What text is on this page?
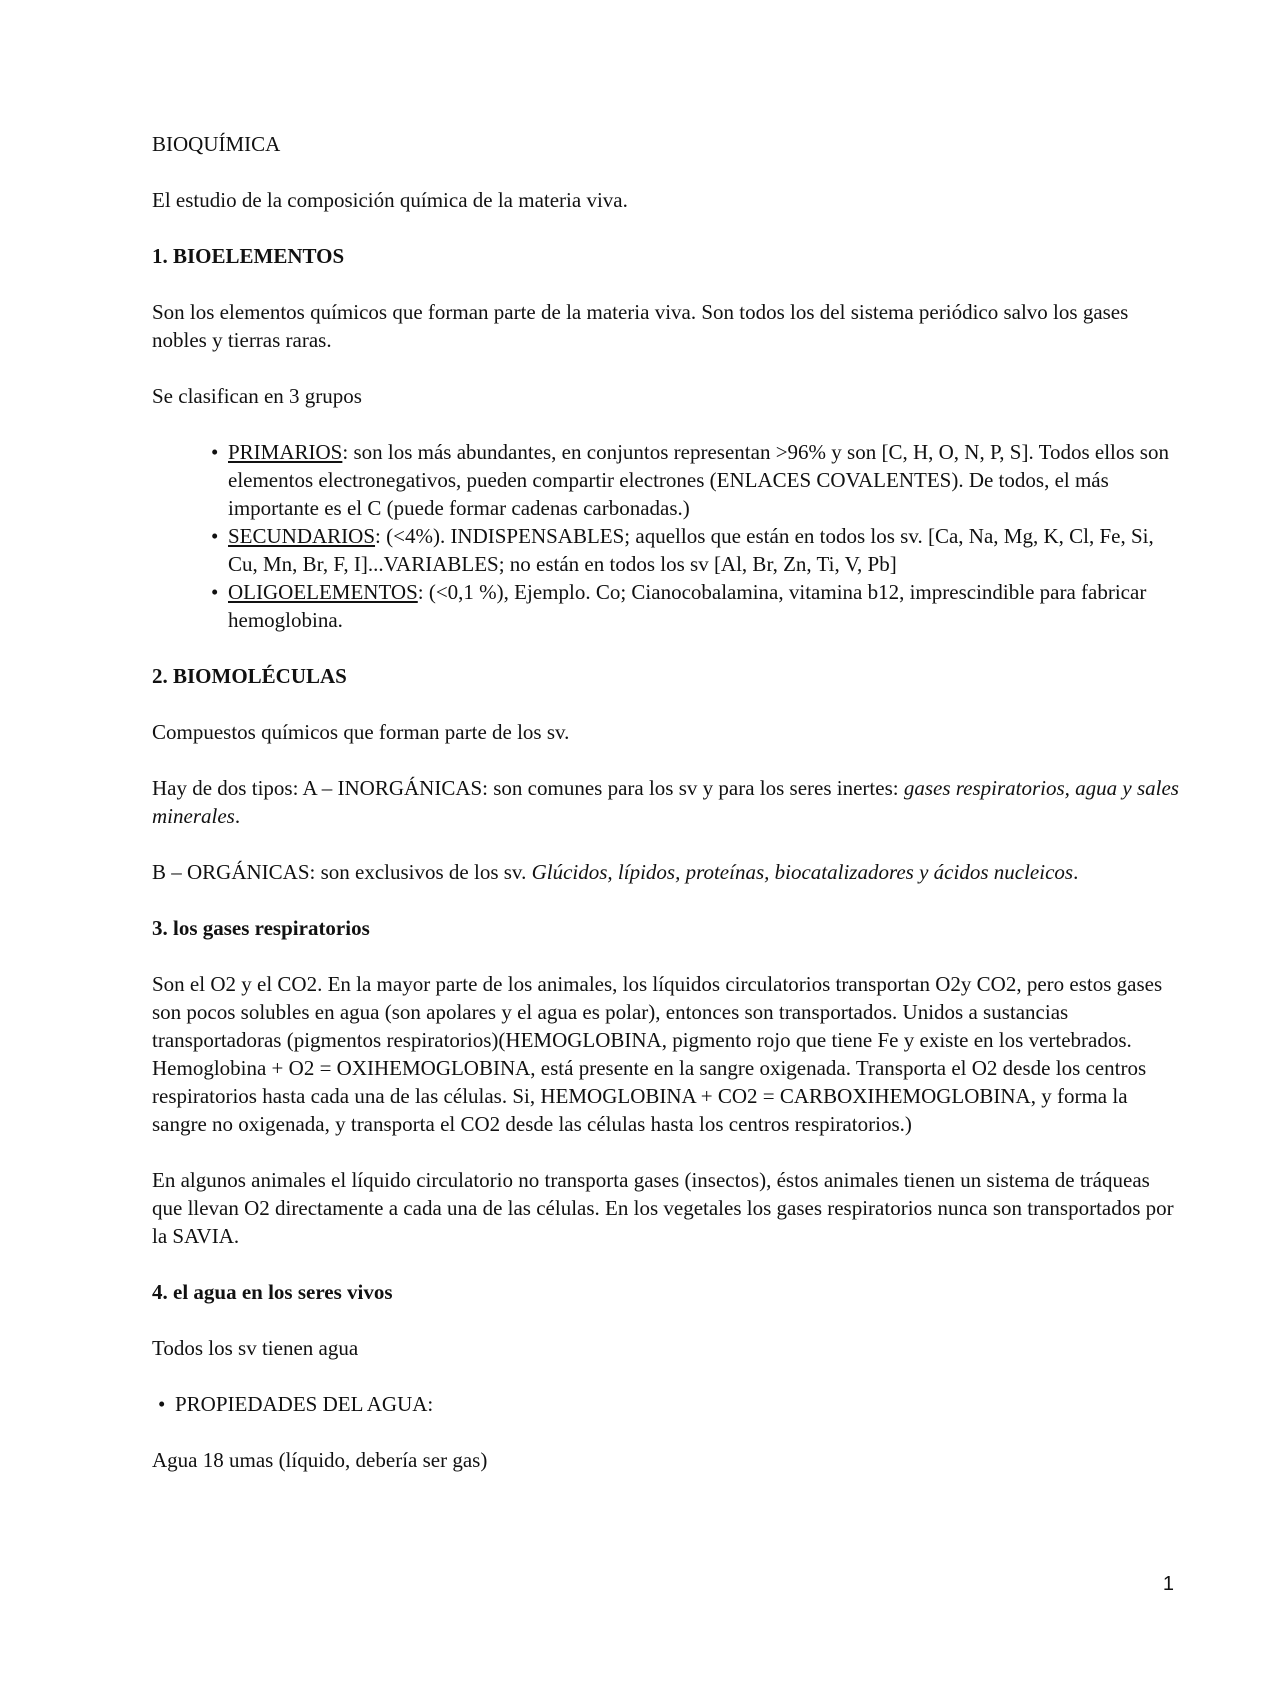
BIOQUÍMICA

El estudio de la composición química de la materia viva.

1. BIOELEMENTOS

Son los elementos químicos que forman parte de la materia viva. Son todos los del sistema periódico salvo los gases nobles y tierras raras.

Se clasifican en 3 grupos

• PRIMARIOS: son los más abundantes, en conjuntos representan >96% y son [C, H, O, N, P, S]. Todos ellos son elementos electronegativos, pueden compartir electrones (ENLACES COVALENTES). De todos, el más importante es el C (puede formar cadenas carbonadas.)
• SECUNDARIOS: (<4%). INDISPENSABLES; aquellos que están en todos los sv. [Ca, Na, Mg, K, Cl, Fe, Si, Cu, Mn, Br, F, I]...VARIABLES; no están en todos los sv [Al, Br, Zn, Ti, V, Pb]
• OLIGOELEMENTOS: (<0,1 %), Ejemplo. Co; Cianocobalamina, vitamina b12, imprescindible para fabricar hemoglobina.
2. BIOMOLÉCULAS

Compuestos químicos que forman parte de los sv.

Hay de dos tipos: A – INORGÁNICAS: son comunes para los sv y para los seres inertes: gases respiratorios, agua y sales minerales.

B – ORGÁNICAS: son exclusivos de los sv. Glúcidos, lípidos, proteínas, biocatalizadores y ácidos nucleicos.

3. los gases respiratorios

Son el O2 y el CO2. En la mayor parte de los animales, los líquidos circulatorios transportan O2y CO2, pero estos gases son pocos solubles en agua (son apolares y el agua es polar), entonces son transportados. Unidos a sustancias transportadoras (pigmentos respiratorios)(HEMOGLOBINA, pigmento rojo que tiene Fe y existe en los vertebrados. Hemoglobina + O2 = OXIHEMOGLOBINA, está presente en la sangre oxigenada. Transporta el O2 desde los centros respiratorios hasta cada una de las células. Si, HEMOGLOBINA + CO2 = CARBOXIHEMOGLOBINA, y forma la sangre no oxigenada, y transporta el CO2 desde las células hasta los centros respiratorios.)

En algunos animales el líquido circulatorio no transporta gases (insectos), éstos animales tienen un sistema de tráqueas que llevan O2 directamente a cada una de las células. En los vegetales los gases respiratorios nunca son transportados por la SAVIA.

4. el agua en los seres vivos

Todos los sv tienen agua

• PROPIEDADES DEL AGUA:

Agua 18 umas (líquido, debería ser gas)

1
